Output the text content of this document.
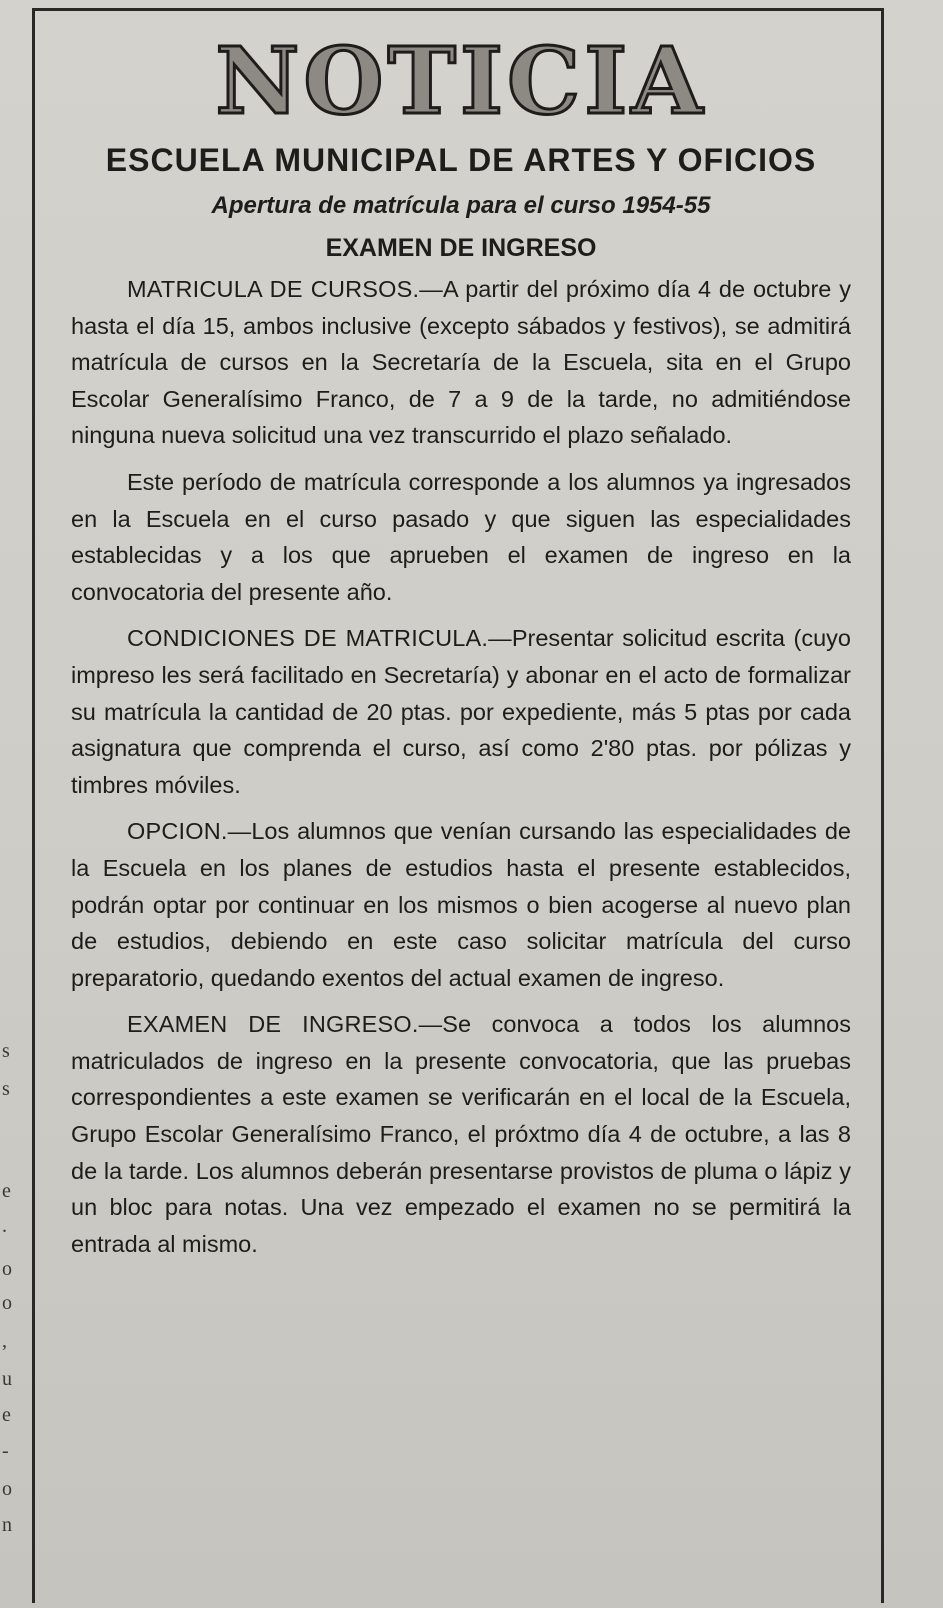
s
s
e
.
o
o
,
u
e
-
o
n
NOTICIA
ESCUELA MUNICIPAL DE ARTES Y OFICIOS
Apertura de matrícula para el curso 1954-55
EXAMEN DE INGRESO

MATRICULA DE CURSOS.—A partir del próximo día 4 de octubre y hasta el día 15, ambos inclusive (excepto sábados y festivos), se admitirá matrícula de cursos en la Secretaría de la Escuela, sita en el Grupo Escolar Generalísimo Franco, de 7 a 9 de la tarde, no admitiéndose ninguna nueva solicitud una vez transcurrido el plazo señalado.

Este período de matrícula corresponde a los alumnos ya ingresados en la Escuela en el curso pasado y que siguen las especialidades establecidas y a los que aprueben el examen de ingreso en la convocatoria del presente año.

CONDICIONES DE MATRICULA.—Presentar solicitud escrita (cuyo impreso les será facilitado en Secretaría) y abonar en el acto de formalizar su matrícula la cantidad de 20 ptas. por expediente, más 5 ptas por cada asignatura que comprenda el curso, así como 2'80 ptas. por pólizas y timbres móviles.

OPCION.—Los alumnos que venían cursando las especialidades de la Escuela en los planes de estudios hasta el presente establecidos, podrán optar por continuar en los mismos o bien acogerse al nuevo plan de estudios, debiendo en este caso solicitar matrícula del curso preparatorio, quedando exentos del actual examen de ingreso.

EXAMEN DE INGRESO.—Se convoca a todos los alumnos matriculados de ingreso en la presente convocatoria, que las pruebas correspondientes a este examen se verificarán en el local de la Escuela, Grupo Escolar Generalísimo Franco, el próxtmo día 4 de octubre, a las 8 de la tarde. Los alumnos deberán presentarse provistos de pluma o lápiz y un bloc para notas. Una vez empezado el examen no se permitirá la entrada al mismo.
